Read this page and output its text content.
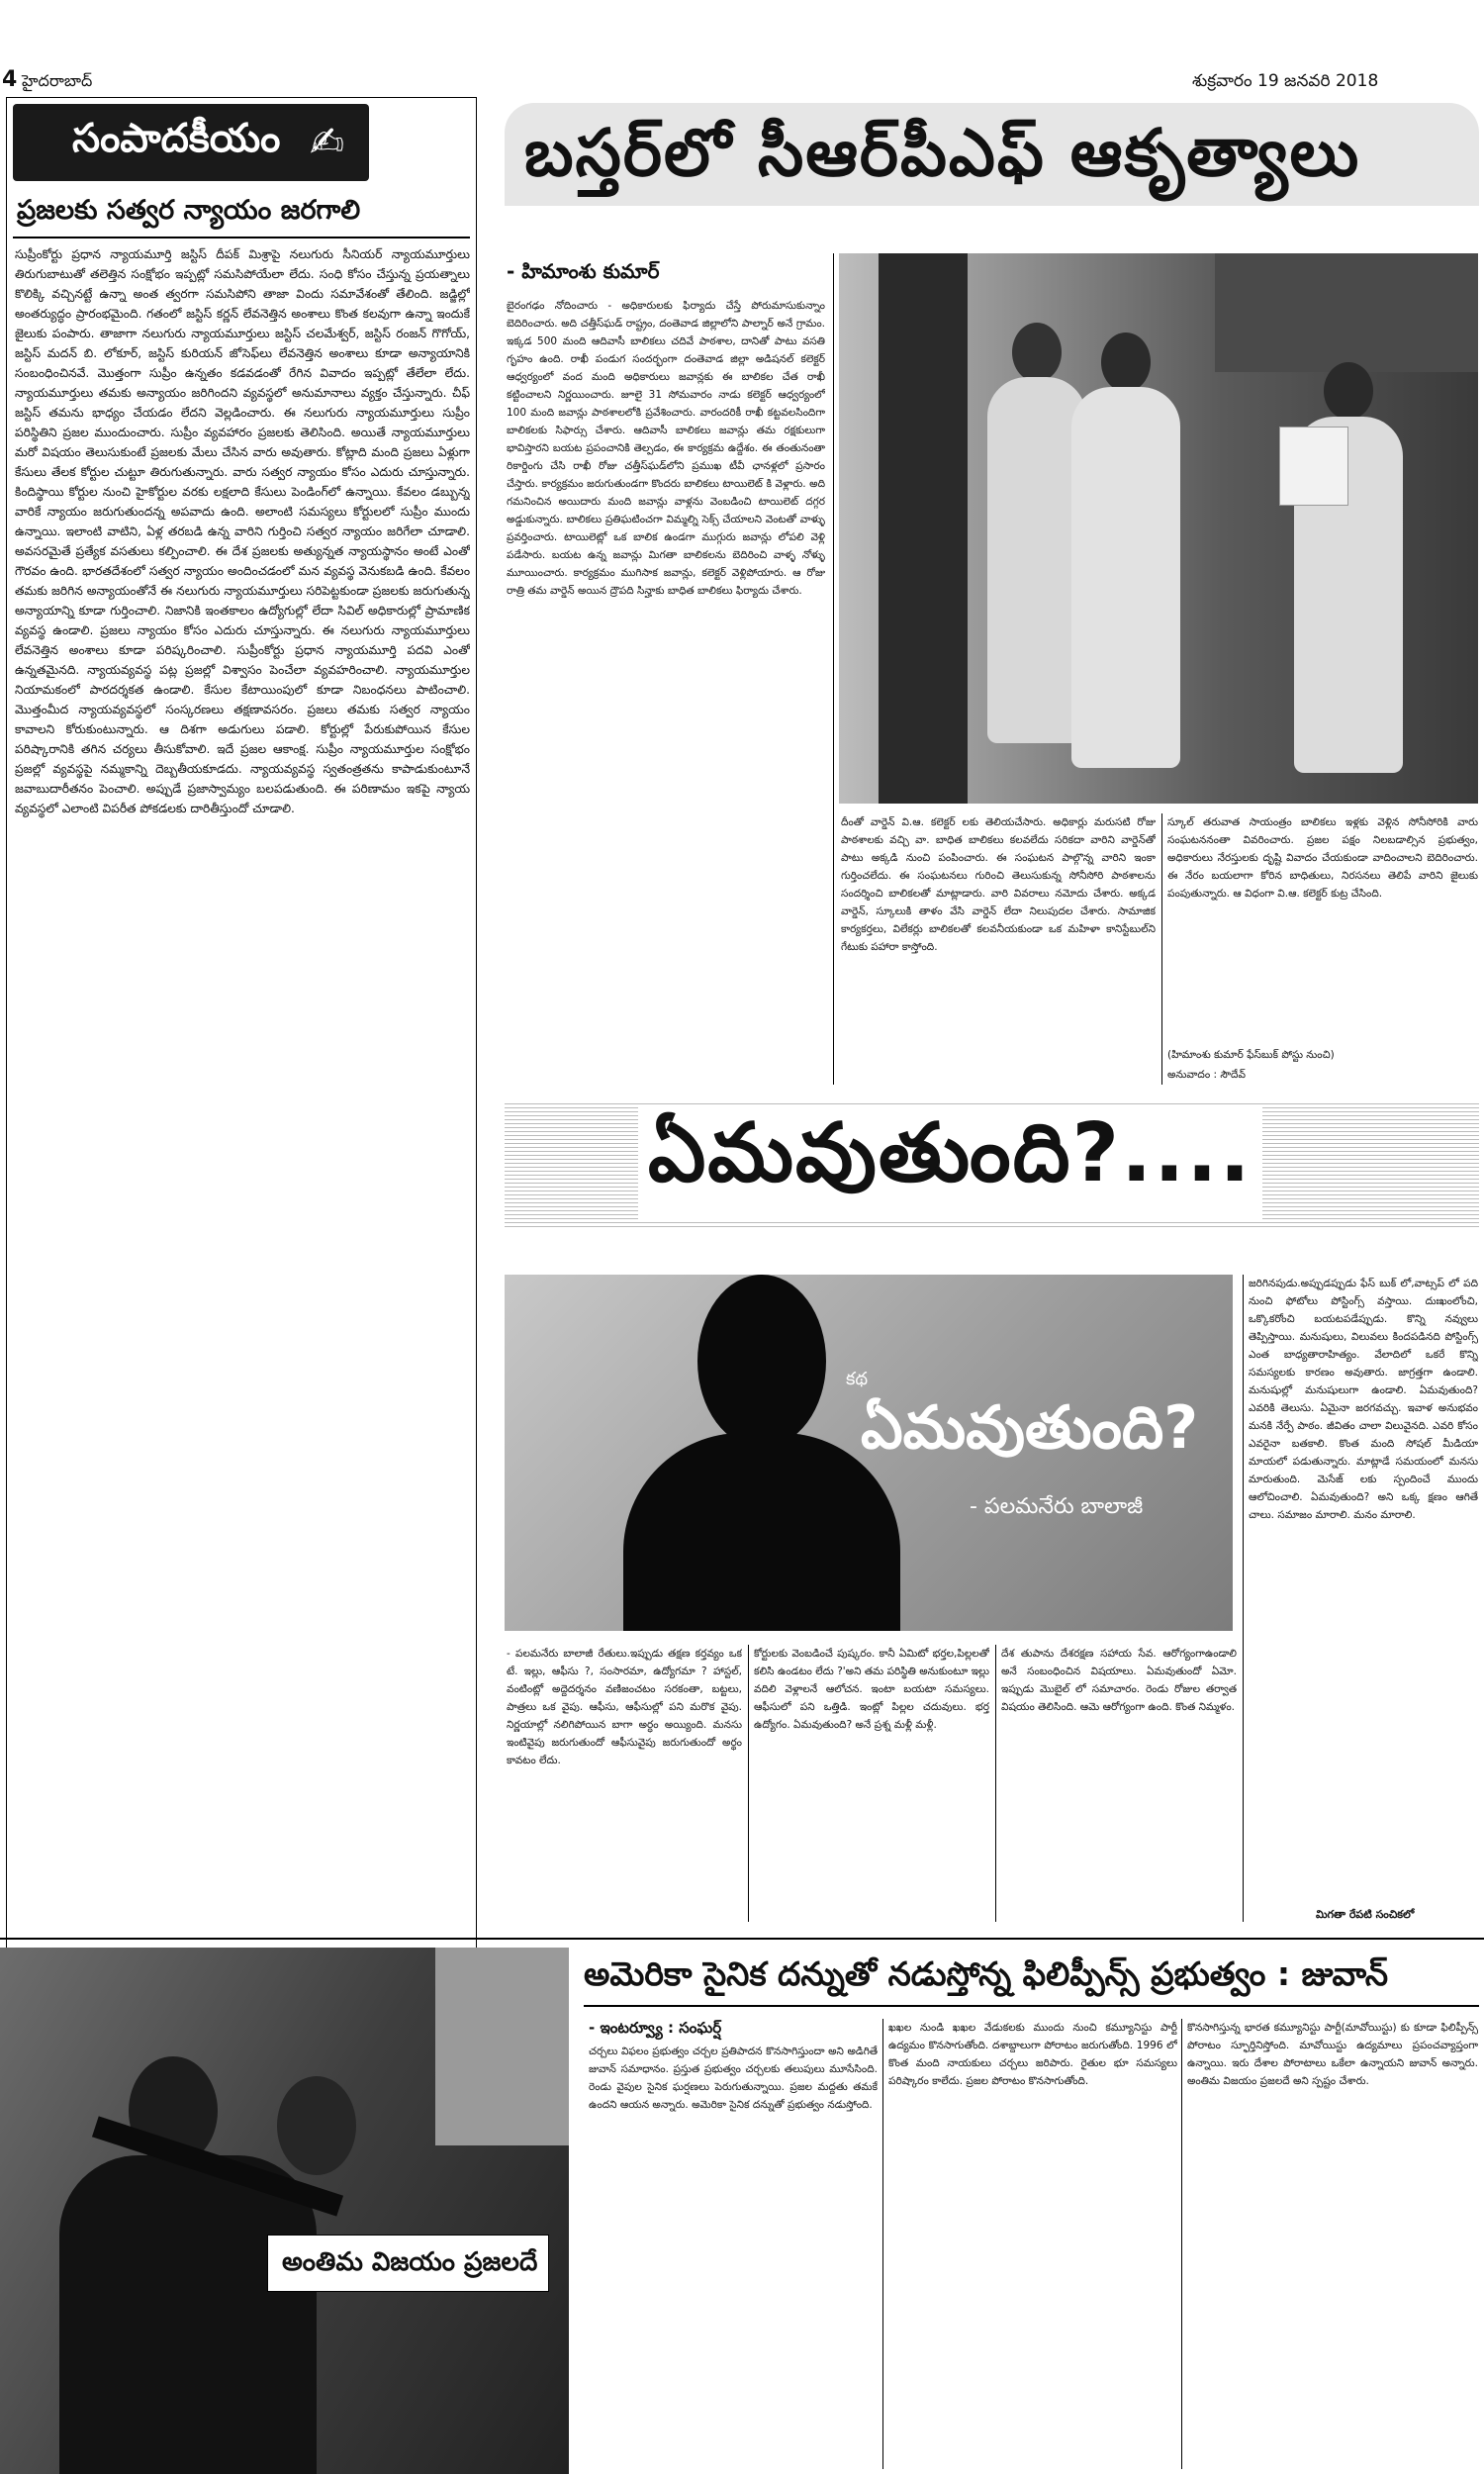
4 హైదరాబాద్	శుక్రవారం 19 జనవరి 2018
సంపాదకీయం ✍
ప్రజలకు సత్వర న్యాయం జరగాలి
సుప్రీంకోర్టు ప్రధాన న్యాయమూర్తి జస్టిస్ దీపక్ మిశ్రాపై నలుగురు సీనియర్ న్యాయమూర్తులు తిరుగుబాటుతో తలెత్తిన సంక్షోభం ఇప్పట్లో సమసిపోయేలా లేదు. సంధి కోసం చేస్తున్న ప్రయత్నాలు కొలిక్కి వచ్చినట్టే ఉన్నా అంత త్వరగా సమసిపోని తాజా విందు సమావేశంతో తేలింది. జడ్జిల్లో అంతర్యుద్ధం ప్రారంభమైంది. గతంలో జస్టిస్ కర్ణన్ లేవనెత్తిన అంశాలు కొంత కలవుగా ఉన్నా ఇందుకే జైలుకు పంపారు. తాజాగా నలుగురు న్యాయమూర్తులు జస్టిస్ చలమేశ్వర్, జస్టిస్ రంజన్ గొగోయ్, జస్టిస్ మదన్ బి. లోకూర్, జస్టిస్ కురియన్ జోసెఫ్‌లు లేవనెత్తిన అంశాలు కూడా అన్యాయానికి సంబంధించినవే. మొత్తంగా సుప్రీం ఉన్నతం కడవడంతో రేగిన వివాదం ఇప్పట్లో తేలేలా లేదు. న్యాయమూర్తులు తమకు అన్యాయం జరిగిందని వ్యవస్థలో అనుమానాలు వ్యక్తం చేస్తున్నారు. చీఫ్ జస్టిస్ తమను భాధ్యం చేయడం లేదని వెల్లడించారు. ఈ నలుగురు న్యాయమూర్తులు సుప్రీం పరిస్థితిని ప్రజల ముందుంచారు. సుప్రీం వ్యవహారం ప్రజలకు తెలిసింది. అయితే న్యాయమూర్తులు మరో విషయం తెలుసుకుంటే ప్రజలకు మేలు చేసిన వారు అవుతారు. కోట్లాది మంది ప్రజలు ఏళ్లుగా కేసులు తేలక కోర్టుల చుట్టూ తిరుగుతున్నారు. వారు సత్వర న్యాయం కోసం ఎదురు చూస్తున్నారు. కిందిస్థాయి కోర్టుల నుంచి హైకోర్టుల వరకు లక్షలాది కేసులు పెండింగ్‌లో ఉన్నాయి. కేవలం డబ్బున్న వారికే న్యాయం జరుగుతుందన్న అపవాదు ఉంది. అలాంటి సమస్యలు కోర్టులలో సుప్రీం ముందు ఉన్నాయి. ఇలాంటి వాటిని, ఏళ్ల తరబడి ఉన్న వారిని గుర్తించి సత్వర న్యాయం జరిగేలా చూడాలి. అవసరమైతే ప్రత్యేక వసతులు కల్పించాలి. ఈ దేశ ప్రజలకు అత్యున్నత న్యాయస్థానం అంటే ఎంతో గౌరవం ఉంది. భారతదేశంలో సత్వర న్యాయం అందించడంలో మన వ్యవస్థ వెనుకబడి ఉంది. కేవలం తమకు జరిగిన అన్యాయంతోనే ఈ నలుగురు న్యాయమూర్తులు సరిపెట్టకుండా ప్రజలకు జరుగుతున్న అన్యాయాన్ని కూడా గుర్తించాలి. నిజానికి ఇంతకాలం ఉద్యోగుల్లో లేదా సివిల్ అధికారుల్లో ప్రామాణిక వ్యవస్థ ఉండాలి. ప్రజలు న్యాయం కోసం ఎదురు చూస్తున్నారు. ఈ నలుగురు న్యాయమూర్తులు లేవనెత్తిన అంశాలు కూడా పరిష్కరించాలి. సుప్రీంకోర్టు ప్రధాన న్యాయమూర్తి పదవి ఎంతో ఉన్నతమైనది. న్యాయవ్యవస్థ పట్ల ప్రజల్లో విశ్వాసం పెంచేలా వ్యవహరించాలి. న్యాయమూర్తుల నియామకంలో పారదర్శకత ఉండాలి. కేసుల కేటాయింపులో కూడా నిబంధనలు పాటించాలి. మొత్తంమీద న్యాయవ్యవస్థలో సంస్కరణలు తక్షణావసరం. ప్రజలు తమకు సత్వర న్యాయం కావాలని కోరుకుంటున్నారు. ఆ దిశగా అడుగులు పడాలి. కోర్టుల్లో పేరుకుపోయిన కేసుల పరిష్కారానికి తగిన చర్యలు తీసుకోవాలి. ఇదే ప్రజల ఆకాంక్ష. సుప్రీం న్యాయమూర్తుల సంక్షోభం ప్రజల్లో వ్యవస్థపై నమ్మకాన్ని దెబ్బతీయకూడదు. న్యాయవ్యవస్థ స్వతంత్రతను కాపాడుకుంటూనే జవాబుదారీతనం పెంచాలి. అప్పుడే ప్రజాస్వామ్యం బలపడుతుంది. ఈ పరిణామం ఇకపై న్యాయ వ్యవస్థలో ఎలాంటి విపరీత పోకడలకు దారితీస్తుందో చూడాలి.
బస్తర్‌లో సీఆర్‌పీఎఫ్ ఆకృత్యాలు
- హిమాంశు కుమార్
బైరంగఢం నోదించారు - అధికారులకు ఫిర్యాదు చేస్తే పోరుమాసుకున్నాం బెదిరించారు. అది చత్తీస్‌ఘడ్ రాష్ట్రం, దంతెవాడ జిల్లాలోని పాల్నార్ అనే గ్రామం. ఇక్కడ 500 మంది ఆదివాసీ బాలికలు చదివే పాఠశాల, దానితో పాటు వసతి గృహం ఉంది. రాఖీ పండుగ సందర్భంగా దంతెవాడ జిల్లా అడిషనల్ కలెక్టర్ ఆధ్వర్యంలో వంద మంది అధికారులు జవాన్లకు ఈ బాలికల చేత రాఖీ కట్టించాలని నిర్ణయించారు. జూలై 31 సోమవారం నాడు కలెక్టర్ ఆధ్వర్యంలో 100 మంది జవాన్లు పాఠశాలలోకి ప్రవేశించారు. వారందరికీ రాఖీ కట్టవలసిందిగా బాలికలకు సిఫార్సు చేశారు. ఆదివాసీ బాలికలు జవాన్లు తమ రక్షకులుగా భావిస్తారని బయట ప్రపంచానికి తెల్పడం, ఈ కార్యక్రమ ఉద్దేశం. ఈ తంతునంతా రికార్డింగు చేసి రాఖీ రోజు చత్తీస్‌ఘడ్‌లోని ప్రముఖ టీవీ ఛానళ్లలో ప్రసారం చేస్తారు. కార్యక్రమం జరుగుతుండగా కొందరు బాలికలు టాయిలెట్ కి వెళ్లారు. అది గమనించిన అయిదారు మంది జవాన్లు వాళ్లను వెంబడించి టాయిలెట్ దగ్గర అడ్డుకున్నారు. బాలికలు ప్రతిఘటించగా విమ్మల్ని సెక్స్ చేయాలని వెంటతో వాళ్ళు ప్రవర్తించారు. టాయిలెట్లో ఒక బాలిక ఉండగా ముగ్గురు జవాన్లు లోపలి వెళ్లి పడేసారు. బయట ఉన్న జవాన్లు మిగతా బాలికలను బెదిరించి వాళ్ళ నోళ్ళు మూయించారు. కార్యక్రమం ముగిసాక జవాన్లు, కలెక్టర్ వెళ్లిపోయారు. ఆ రోజు రాత్రి తమ వార్డెన్ అయిన ద్రౌపది సిన్హాకు బాధిత బాలికలు ఫిర్యాదు చేశారు.
దీంతో వార్డెన్ వి.ఆ. కలెక్టర్ లకు తెలియచేసారు. అధికార్లు మరుసటి రోజు పాఠశాలకు వచ్చి వా. బాధిత బాలికలు కలవలేదు సరికదా వారిని వార్డెన్‌తో పాటు అక్కడి నుంచి పంపించారు. ఈ సంఘటన పాల్గొన్న వారిని ఇంకా గుర్తించలేదు. ఈ సంఘటనలు గురించి తెలుసుకున్న సోనీసోరి పాఠశాలను సందర్శించి బాలికలతో మాట్లాడారు. వారి వివరాలు నమోదు చేశారు. అక్కడ వార్డెన్, స్కూలుకి తాళం వేసి వార్డెన్ లేదా నిలుపుదల చేశారు. సామాజిక కార్యకర్తలు, విలేకర్లు బాలికలతో కలవనీయకుండా ఒక మహిళా కానిస్టేబుల్‌ని గేటుకు పహారా కాస్తోంది.
స్కూల్ తరువాత సాయంత్రం బాలికలు ఇళ్లకు వెళ్లిన సోనీసోరికి వారు సంఘటననంతా వివరించారు. ప్రజల పక్షం నిలబడాల్సిన ప్రభుత్వం, అధికారులు నేరస్తులకు దృష్టి వివాదం చేయకుండా వాదించాలని బెదిరించారు. ఈ నేరం బయలాగా కోరిన బాధితులు, నిరసనలు తెలిపే వారిని జైలుకు పంపుతున్నారు. ఆ విధంగా వి.ఆ. కలెక్టర్ కుట్ర చేసింది.
(హిమాంశు కుమార్ ఫేస్‌బుక్ పోస్టు నుంచి)
అనువాదం : సౌదేవ్
ఏమవుతుంది?....
కథ
ఏమవుతుంది?
- పలమనేరు బాలాజీ
జరిగినపుడు.అప్పుడప్పుడు ఫేస్ బుక్ లో,వాట్సప్ లో పది నుంచి ఫోటోలు పోస్టింగ్స్ వస్తాయి. దుఃఖంలోంచి, ఒక్కొకరోంచి బయటపడేప్పుడు. కొన్ని నవ్వులు తెప్పిస్తాయి. మనుషులు, విలువలు కిందపడినది పోస్టింగ్స్ ఎంత బాధ్యతారాహిత్యం. వేలాదిలో ఒకరే కొన్ని సమస్యలకు కారణం అవుతారు. జాగ్రత్తగా ఉండాలి. మనుషుల్లో మనుషులుగా ఉండాలి. ఏమవుతుంది? ఎవరికి తెలుసు. ఏమైనా జరగవచ్చు. ఇవాళ అనుభవం మనకి నేర్పే పాఠం. జీవితం చాలా విలువైనది. ఎవరి కోసం ఎవరైనా బతకాలి. కొంత మంది సోషల్ మీడియా మాయలో పడుతున్నారు. మాట్లాడే సమయంలో మనసు మారుతుంది. మెసేజ్ లకు స్పందించే ముందు ఆలోచించాలి. ఏమవుతుంది? అని ఒక్క క్షణం ఆగితే చాలు. సమాజం మారాలి. మనం మారాలి.
- పలమనేరు బాలాజీ రేతులు.ఇప్పుడు తక్షణ కర్తవ్యం ఒక టే. ఇల్లు, ఆఫీసు ?, సంసారమా, ఉద్యోగమా ? హాస్టల్, వంటింట్లో అద్దెదర్శనం వణిజంచటం సరకంతా, బట్టలు, పాత్రలు ఒక వైపు. ఆఫీసు, ఆఫీసుల్లో పని మరొక వైపు. నిర్ణయాల్లో నలిగిపోయిన బాగా అర్ధం అయ్యింది. మనసు ఇంటివైపు జరుగుతుందో ఆఫీసువైపు జరుగుతుందో అర్థం కావటం లేదు.
కోర్టులకు వెంబడించే పుష్కరం. కానీ ఏమిటో భర్తల,పిల్లలతో కలిసి ఉండటం లేదు ?'అని తమ పరిస్థితి అనుకుంటూ ఇల్లు వదిలి వెళ్లాలనే ఆలోచన. ఇంటా బయటా సమస్యలు. ఆఫీసులో పని ఒత్తిడి. ఇంట్లో పిల్లల చదువులు. భర్త ఉద్యోగం. ఏమవుతుంది? అనే ప్రశ్న మళ్లీ మళ్లీ.
దేశ తుపాను దేశరక్షణ సహాయ సేవ. ఆరోగ్యంగాఉండాలి అనే సంబంధించిన విషయాలు. ఏమవుతుందో ఏమో. ఇప్పుడు మొబైల్ లో సమాచారం. రెండు రోజుల తర్వాత విషయం తెలిసింది. ఆమె ఆరోగ్యంగా ఉంది. కొంత నిమ్మళం.
మిగతా రేపటి సంచికలో
అంతిమ విజయం ప్రజలదే
అమెరికా సైనిక దన్నుతో నడుస్తోన్న ఫిలిప్పీన్స్ ప్రభుత్వం : జువాన్
- ఇంటర్వ్యూ : సంఘర్ష్
చర్చలు విఫలం ప్రభుత్వం చర్చల ప్రతిపాదన కొనసాగిస్తుందా అని అడిగితే జువాన్ సమాధానం. ప్రస్తుత ప్రభుత్వం చర్చలకు తలుపులు మూసేసింది. రెండు వైపుల సైనిక ఘర్షణలు పెరుగుతున్నాయి. ప్రజల మద్దతు తమకే ఉందని ఆయన అన్నారు. అమెరికా సైనిక దన్నుతో ప్రభుత్వం నడుస్తోంది.
ఖఖల నుండి ఖఖల వేడుకలకు ముందు నుంచి కమ్యూనిస్టు పార్టీ ఉద్యమం కొనసాగుతోంది. దశాబ్దాలుగా పోరాటం జరుగుతోంది. 1996 లో కొంత మంది నాయకులు చర్చలు జరిపారు. రైతుల భూ సమస్యలు పరిష్కారం కాలేదు. ప్రజల పోరాటం కొనసాగుతోంది.
కొనసాగిస్తున్న భారత కమ్యూనిస్టు పార్టీ(మావోయిస్టు) కు కూడా ఫిలిప్పీన్స్ పోరాటం స్ఫూర్తినిస్తోంది. మావోయిస్టు ఉద్యమాలు ప్రపంచవ్యాప్తంగా ఉన్నాయి. ఇరు దేశాల పోరాటాలు ఒకేలా ఉన్నాయని జువాన్ అన్నారు. అంతిమ విజయం ప్రజలదే అని స్పష్టం చేశారు.
